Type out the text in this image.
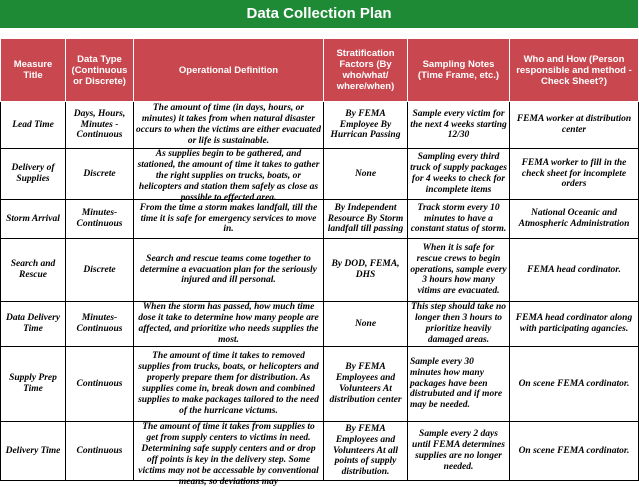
Data Collection Plan
Measure Title	Data Type (Continuous or Discrete)	Operational Definition	Stratification Factors (By who/what/ where/when)	Sampling Notes (Time Frame, etc.)	Who and How (Person responsible and method - Check Sheet?)

Lead Time	Days, Hours, Minutes - Continuous	The amount of time (in days, hours, or minutes) it takes from when natural disaster occurs to when the victims are either evacuated or life is sustainable.	By FEMA Employee By Hurrican Passing	Sample every victim for the next 4 weeks starting 12/30	FEMA worker at distribution center

Delivery of Supplies	Discrete	As supplies begin to be gathered, and stationed, the amount of time it takes to gather the right supplies on trucks, boats, or helicopters and station them safely as close as possible to effected area.	None	Sampling every third truck of supply packages for 4 weeks to check for incomplete items	FEMA worker to fill in the check sheet for incomplete orders

Storm Arrival	Minutes- Continuous	From the time a storm makes landfall, till the time it is safe for emergency services to move in.	By Independent Resource By Storm landfall till passing	Track storm every 10 minutes to have a constant status of storm.	National Oceanic and Atmospheric Administration

Search and Rescue	Discrete	Search and rescue teams come together to determine a evacuation plan for the seriously injured and ill personal.	By DOD, FEMA, DHS	When it is safe for rescue crews to begin operations, sample every 3 hours how many vitims are evacuated.	FEMA head cordinator.

Data Delivery Time	Minutes- Continuous	When the storm has passed, how much time dose it take to determine how many people are affected, and prioritize who needs supplies the most.	None	This step should take no longer then 3 hours to prioritize heavily damaged areas.	FEMA head cordinator along with participating agancies.

Supply Prep Time	Continuous	The amount of time it takes to removed supplies from trucks, boats, or helicopters and properly prepare them for distribution. As supplies come in, break down and combined supplies to make packages tailored to the need of the hurricane victums.	By FEMA Employees and Volunteers At distribution center	Sample every 30 minutes how many packages have been distrubuted and if more may be needed.	On scene FEMA cordinator.

Delivery Time	Continuous	The amount of time it takes from supplies to get from supply centers to victims in need. Determining safe supply centers and or drop off points is key in the delivery step. Some victims may not be accessable by conventional means, so deviations may	By FEMA Employees and Volunteers At all points of supply distribution.	Sample every 2 days until FEMA determines supplies are no longer needed.	On scene FEMA cordinator.
